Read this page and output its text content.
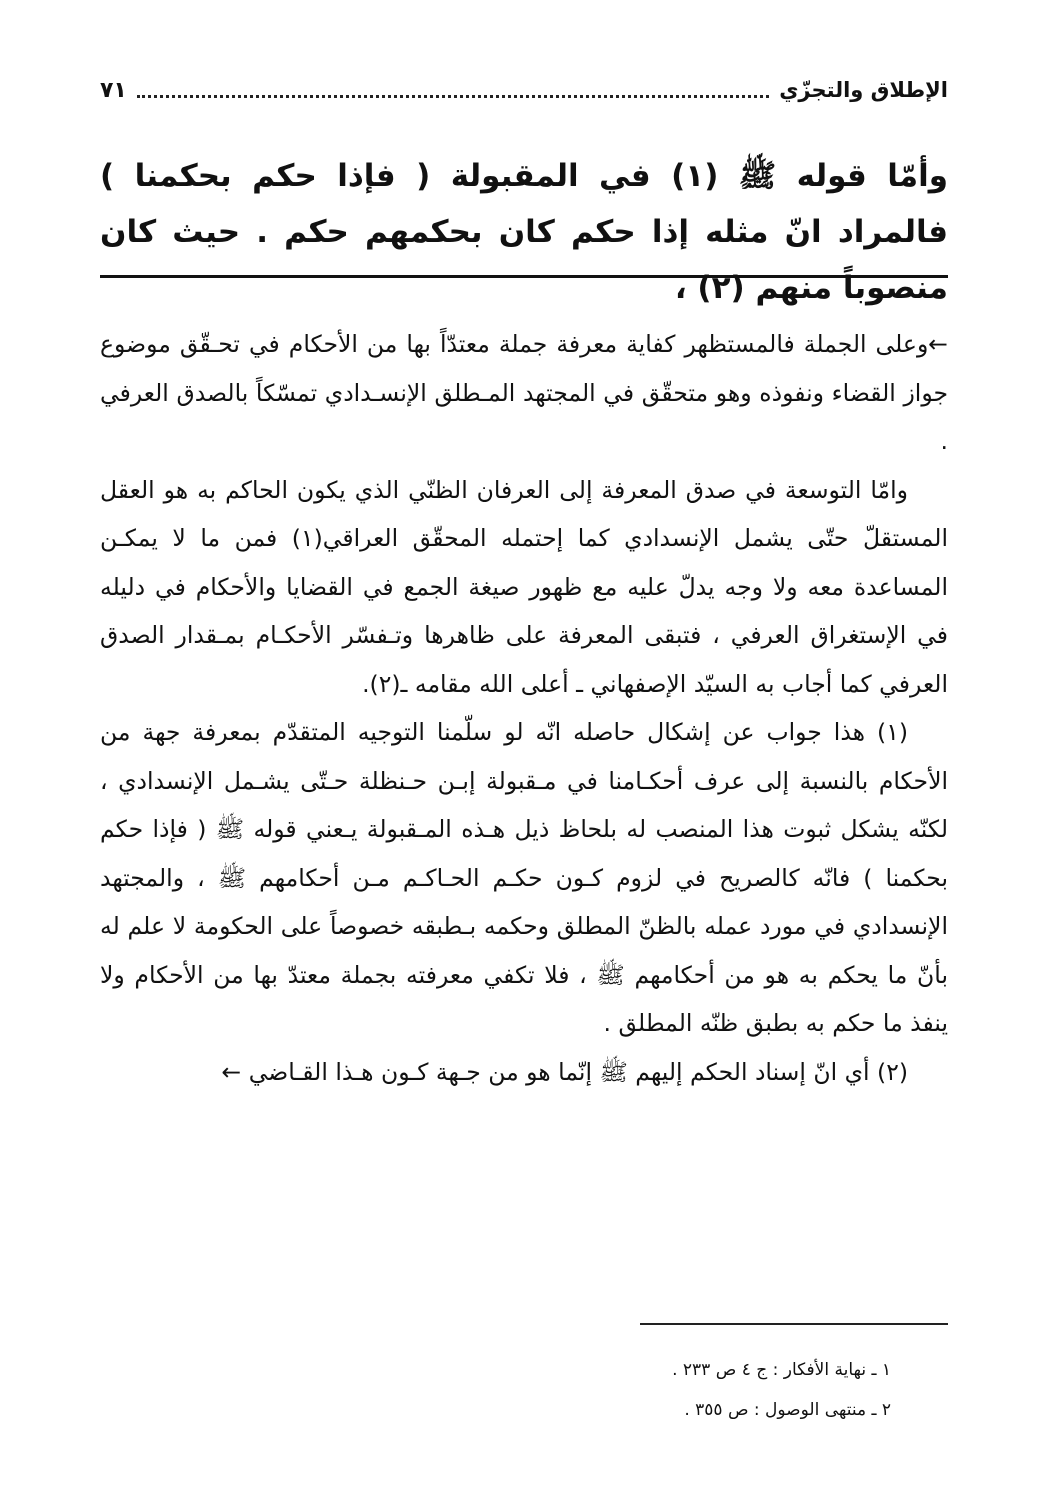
الإطلاق والتجزّي
٧١

وأمّا قوله ﷺ (١) في المقبولة ( فإذا حكم بحكمنا ) فالمراد انّ مثله إذا حكم كان بحكمهم حكم . حيث كان منصوباً منهم (٢) ،

←وعلى الجملة فالمستظهر كفاية معرفة جملة معتدّاً بها من الأحكام في تحـقّق موضوع جواز القضاء ونفوذه وهو متحقّق في المجتهد المـطلق الإنسـدادي تمسّكاً بالصدق العرفي .

وامّا التوسعة في صدق المعرفة إلى العرفان الظنّي الذي يكون الحاكم به هو العقل المستقلّ حتّى يشمل الإنسدادي كما إحتمله المحقّق العراقي(١) فمن ما لا يمكـن المساعدة معه ولا وجه يدلّ عليه مع ظهور صيغة الجمع في القضايا والأحكام في دليله في الإستغراق العرفي ، فتبقى المعرفة على ظاهرها وتـفسّر الأحكـام بمـقدار الصدق العرفي كما أجاب به السيّد الإصفهاني ـ أعلى الله مقامه ـ(٢).

(١) هذا جواب عن إشكال حاصله انّه لو سلّمنا التوجيه المتقدّم بمعرفة جهة من الأحكام بالنسبة إلى عرف أحكـامنا في مـقبولة إبـن حـنظلة حـتّى يشـمل الإنسدادي ، لكنّه يشكل ثبوت هذا المنصب له بلحاظ ذيل هـذه المـقبولة يـعني قوله ﷺ ( فإذا حكم بحكمنا ) فانّه كالصريح في لزوم كـون حكـم الحـاكـم مـن أحكامهم ﷺ ، والمجتهد الإنسدادي في مورد عمله بالظنّ المطلق وحكمه بـطبقه خصوصاً على الحكومة لا علم له بأنّ ما يحكم به هو من أحكامهم ﷺ ، فلا تكفي معرفته بجملة معتدّ بها من الأحكام ولا ينفذ ما حكم به بطبق ظنّه المطلق .

(٢) أي انّ إسناد الحكم إليهم ﷺ إنّما هو من جـهة كـون هـذا القـاضي ←

١ ـ نهاية الأفكار : ج ٤ ص ٢٣٣ .
٢ ـ منتهى الوصول : ص ٣٥٥ .
